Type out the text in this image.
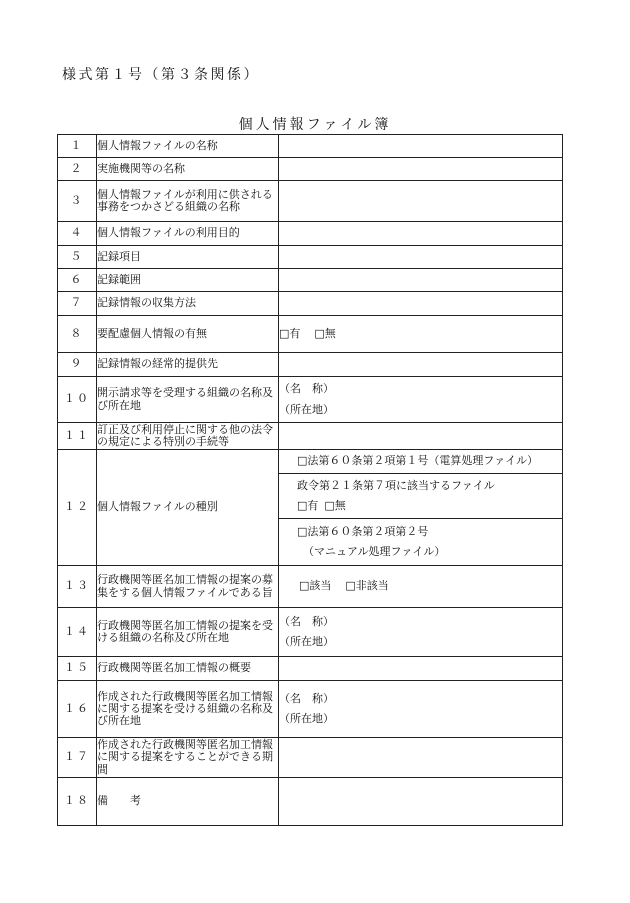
様式第１号（第３条関係）
個人情報ファイル簿
１	個人情報ファイルの名称	
２	実施機関等の名称	
３	個人情報ファイルが利用に供される事務をつかさどる組織の名称	
４	個人情報ファイルの利用目的	
５	記録項目	
６	記録範囲	
７	記録情報の収集方法	
８	要配慮個人情報の有無	□有 □無
９	記録情報の経常的提供先	
１０	開示請求等を受理する組織の名称及び所在地	（名　称）
（所在地）

１１	訂正及び利用停止に関する他の法令の規定による特別の手続等	
１２	個人情報ファイルの種別	□法第６０条第２項第１号（電算処理ファイル）

		政令第２１条第７項に該当するファイル
□有 □無

		□法第６０条第２項第２号
（マニュアル処理ファイル）

１３	行政機関等匿名加工情報の提案の募集をする個人情報ファイルである旨	□該当 □非該当
１４	行政機関等匿名加工情報の提案を受ける組織の名称及び所在地	（名　称）
（所在地）

１５	行政機関等匿名加工情報の概要	
１６	作成された行政機関等匿名加工情報に関する提案を受ける組織の名称及び所在地	（名　称）
（所在地）

１７	作成された行政機関等匿名加工情報に関する提案をすることができる期間	
１８	備　　考	
